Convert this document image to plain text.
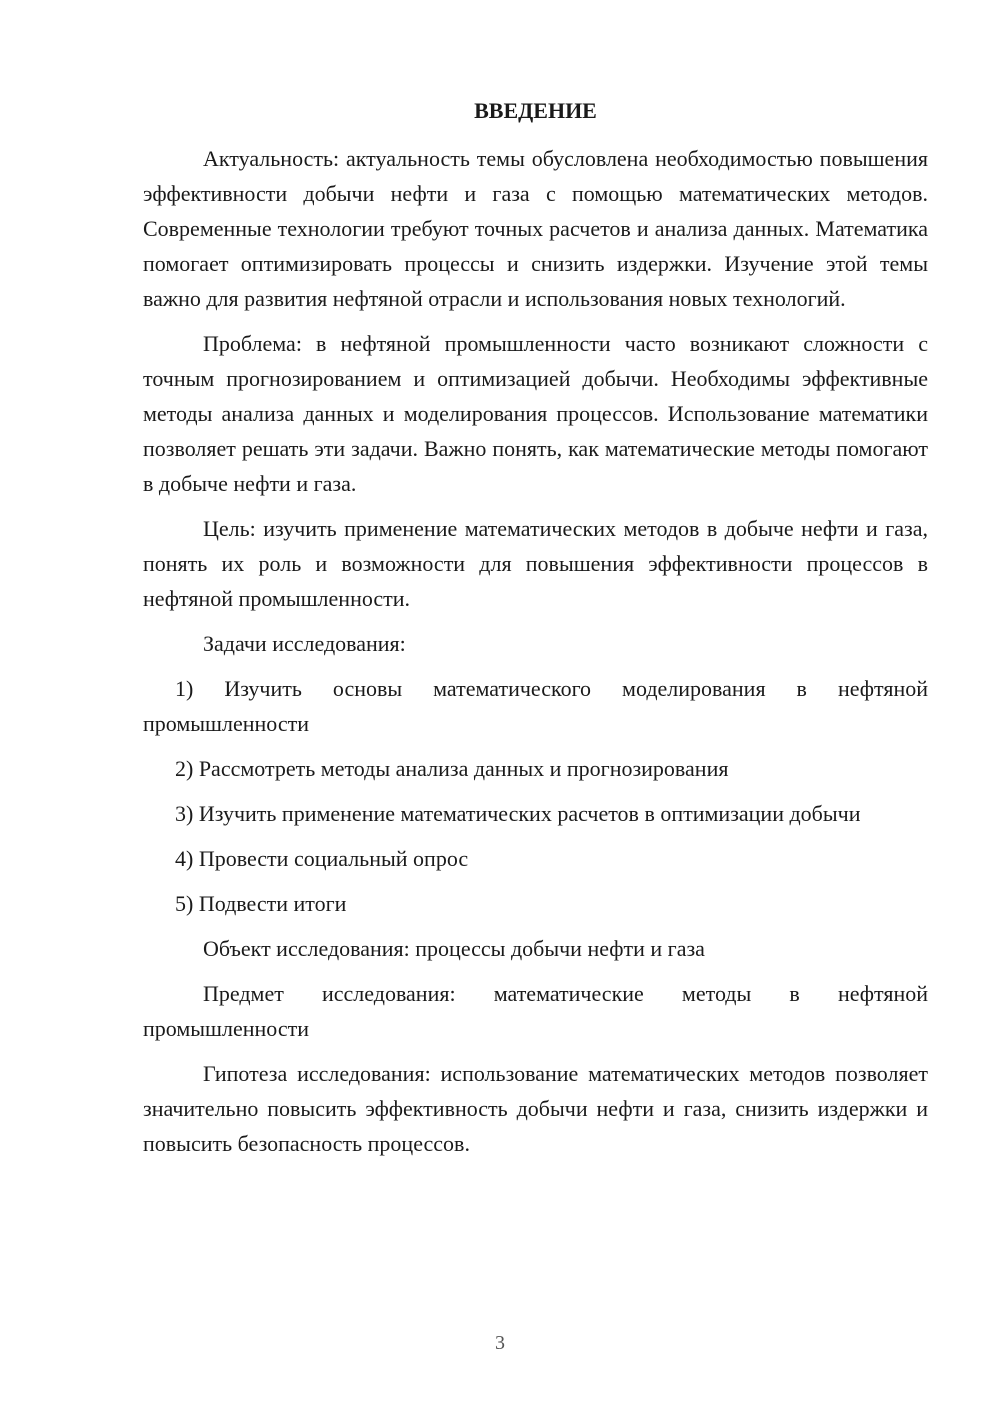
ВВЕДЕНИЕ

Актуальность: актуальность темы обусловлена необходимостью повышения эффективности добычи нефти и газа с помощью математических методов. Современные технологии требуют точных расчетов и анализа данных. Математика помогает оптимизировать процессы и снизить издержки. Изучение этой темы важно для развития нефтяной отрасли и использования новых технологий.

Проблема: в нефтяной промышленности часто возникают сложности с точным прогнозированием и оптимизацией добычи. Необходимы эффективные методы анализа данных и моделирования процессов. Использование математики позволяет решать эти задачи. Важно понять, как математические методы помогают в добыче нефти и газа.

Цель: изучить применение математических методов в добыче нефти и газа, понять их роль и возможности для повышения эффективности процессов в нефтяной промышленности.

Задачи исследования:

1) Изучить основы математического моделирования в нефтяной промышленности

2) Рассмотреть методы анализа данных и прогнозирования

3) Изучить применение математических расчетов в оптимизации добычи

4) Провести социальный опрос

5) Подвести итоги

Объект исследования: процессы добычи нефти и газа

Предмет исследования: математические методы в нефтяной промышленности

Гипотеза исследования: использование математических методов позволяет значительно повысить эффективность добычи нефти и газа, снизить издержки и повысить безопасность процессов.

3
